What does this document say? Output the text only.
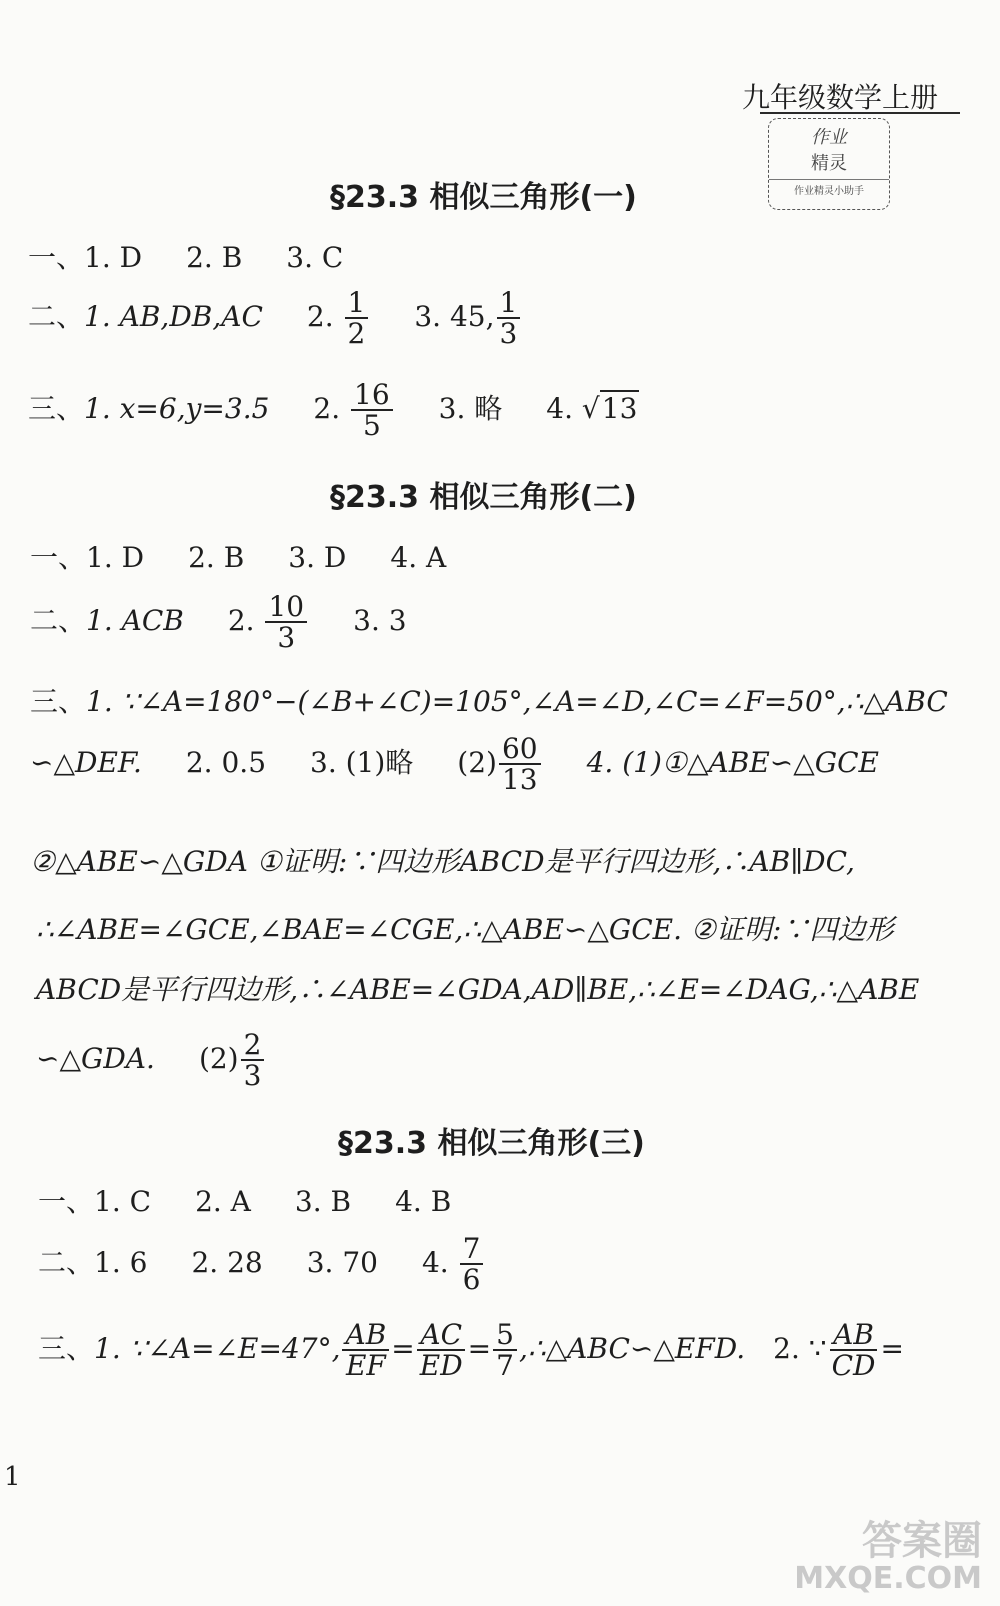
九年级数学上册
作业
精灵
作业精灵小助手
§23.3 相似三角形(一)
一、1. D 2. B 3. C
二、1. AB,DB,AC 2. $\frac{1}{2} 3$. 45, $\frac{1}{3}$
三、1. x=6,y=3.5 2. $\frac{16}{5} 3$. 略 4. √13
§23.3 相似三角形(二)
一、1. D 2. B 3. D 4. A
二、1. ACB 2. $\frac{10}{3} 3$. 3
三、1. ∵∠A=180°−(∠B+∠C)=105°,∠A=∠D,∠C=∠F=50°,∴△ABC
∽△DEF. 2. 0.5 3. (1)略 $(2) \frac{60}{13} 4$. (1)①△ABE∽△GCE
②△ABE∽△GDA ①证明:∵四边形ABCD是平行四边形,∴AB∥DC,
∴∠ABE=∠GCE,∠BAE=∠CGE,∴△ABE∽△GCE. ②证明:∵四边形
ABCD是平行四边形,∴∠ABE=∠GDA,AD∥BE,∴∠E=∠DAG,∴△ABE
∽△GDA. $(2) \frac{2}{3}$
§23.3 相似三角形(三)
一、1. C 2. A 3. B 4. B
二、1. 6 2. 28 3. 70 4. $\frac{7}{6}$
三、1. ∵∠A=∠E=47°, $\frac{AB}{EF} = \frac{AC}{ED} = \frac{5}{7}$ ,∴△ABC∽△EFD. 2. ∵ $\frac{AB}{CD}$ =
1
答案圈
MXQE.COM
